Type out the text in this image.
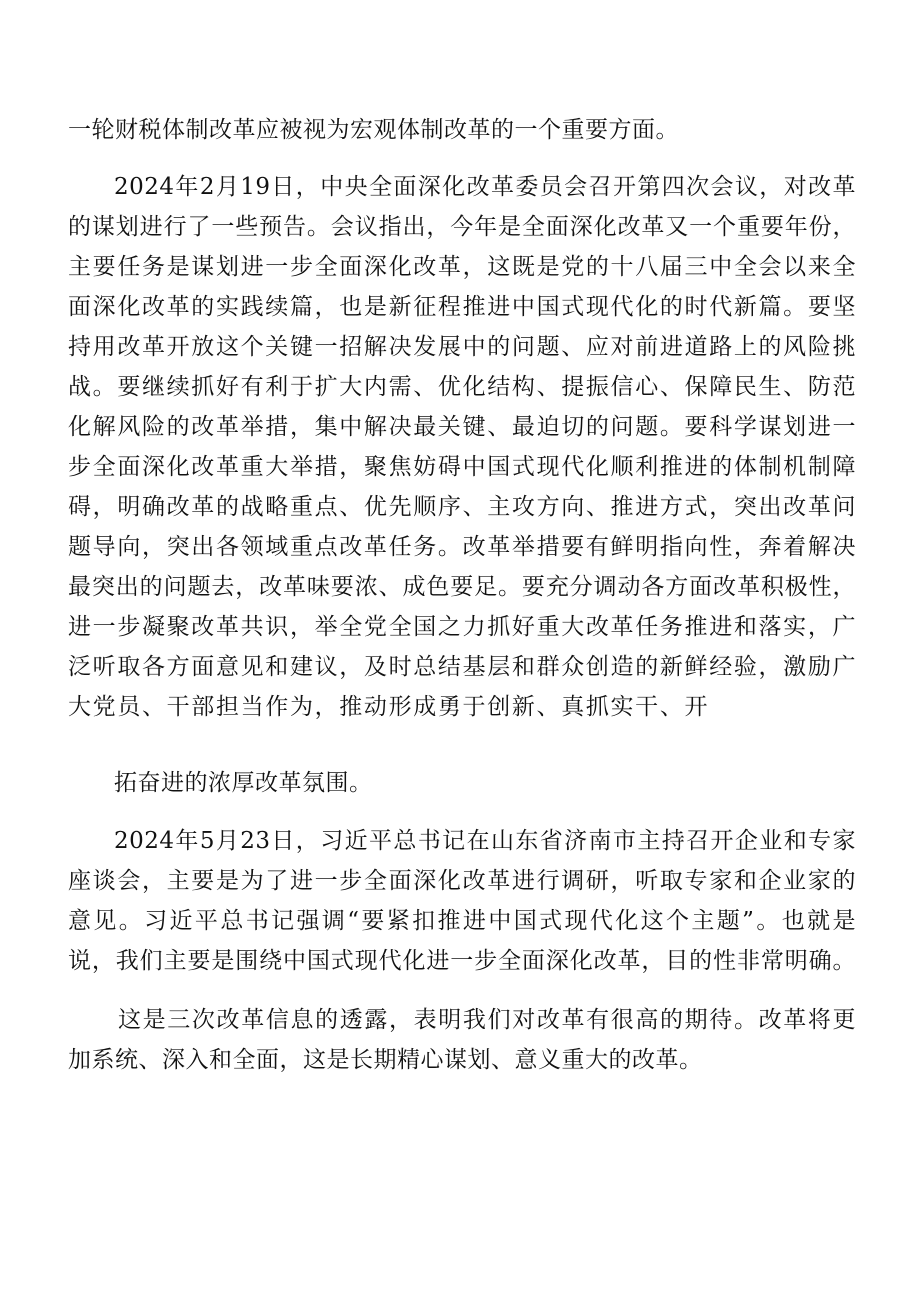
一轮财税体制改革应被视为宏观体制改革的一个重要方面。
2024年2月19日，中央全面深化改革委员会召开第四次会议，对改革
的谋划进行了一些预告。会议指出，今年是全面深化改革又一个重要年份，
主要任务是谋划进一步全面深化改革，这既是党的十八届三中全会以来全
面深化改革的实践续篇，也是新征程推进中国式现代化的时代新篇。要坚
持用改革开放这个关键一招解决发展中的问题、应对前进道路上的风险挑
战。要继续抓好有利于扩大内需、优化结构、提振信心、保障民生、防范
化解风险的改革举措，集中解决最关键、最迫切的问题。要科学谋划进一
步全面深化改革重大举措，聚焦妨碍中国式现代化顺利推进的体制机制障
碍，明确改革的战略重点、优先顺序、主攻方向、推进方式，突出改革问
题导向，突出各领域重点改革任务。改革举措要有鲜明指向性，奔着解决
最突出的问题去，改革味要浓、成色要足。要充分调动各方面改革积极性，
进一步凝聚改革共识，举全党全国之力抓好重大改革任务推进和落实，广
泛听取各方面意见和建议，及时总结基层和群众创造的新鲜经验，激励广
大党员、干部担当作为，推动形成勇于创新、真抓实干、开
拓奋进的浓厚改革氛围。
2024年5月23日，习近平总书记在山东省济南市主持召开企业和专家
座谈会，主要是为了进一步全面深化改革进行调研，听取专家和企业家的
意见。习近平总书记强调“要紧扣推进中国式现代化这个主题”。也就是
说，我们主要是围绕中国式现代化进一步全面深化改革，目的性非常明确。
这是三次改革信息的透露，表明我们对改革有很高的期待。改革将更
加系统、深入和全面，这是长期精心谋划、意义重大的改革。
